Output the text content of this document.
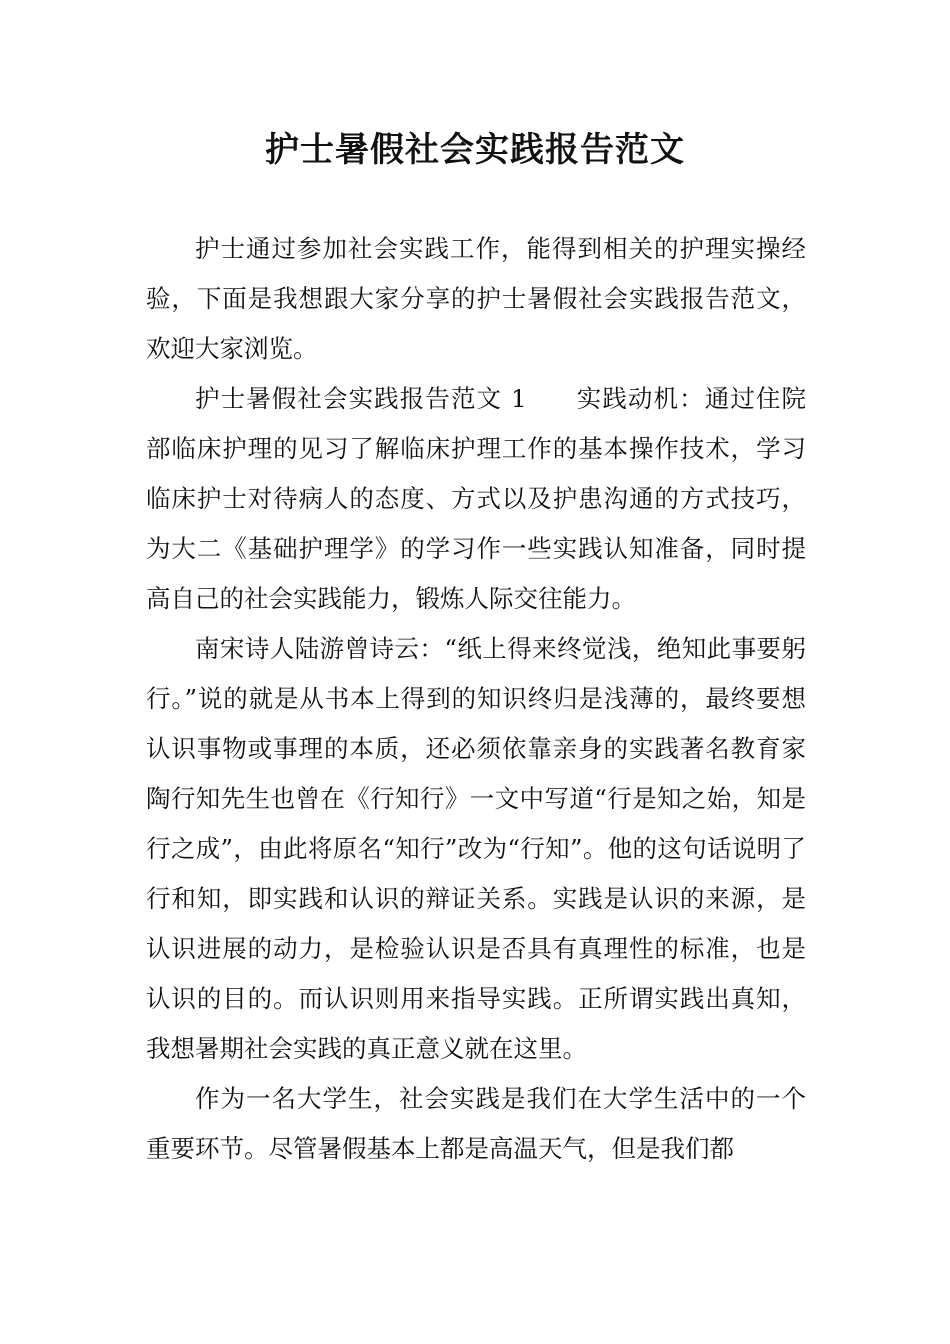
护士暑假社会实践报告范文

护士通过参加社会实践工作，能得到相关的护理实操经验，下面是我想跟大家分享的护士暑假社会实践报告范文，欢迎大家浏览。

护士暑假社会实践报告范文 1 实践动机：通过住院部临床护理的见习了解临床护理工作的基本操作技术，学习临床护士对待病人的态度、方式以及护患沟通的方式技巧，为大二《基础护理学》的学习作一些实践认知准备，同时提高自己的社会实践能力，锻炼人际交往能力。

南宋诗人陆游曾诗云：“纸上得来终觉浅，绝知此事要躬行。”说的就是从书本上得到的知识终归是浅薄的，最终要想认识事物或事理的本质，还必须依靠亲身的实践著名教育家陶行知先生也曾在《行知行》一文中写道“行是知之始，知是行之成”，由此将原名“知行”改为“行知”。他的这句话说明了行和知，即实践和认识的辩证关系。实践是认识的来源，是认识进展的动力，是检验认识是否具有真理性的标准，也是认识的目的。而认识则用来指导实践。正所谓实践出真知，我想暑期社会实践的真正意义就在这里。

作为一名大学生，社会实践是我们在大学生活中的一个重要环节。尽管暑假基本上都是高温天气，但是我们都
